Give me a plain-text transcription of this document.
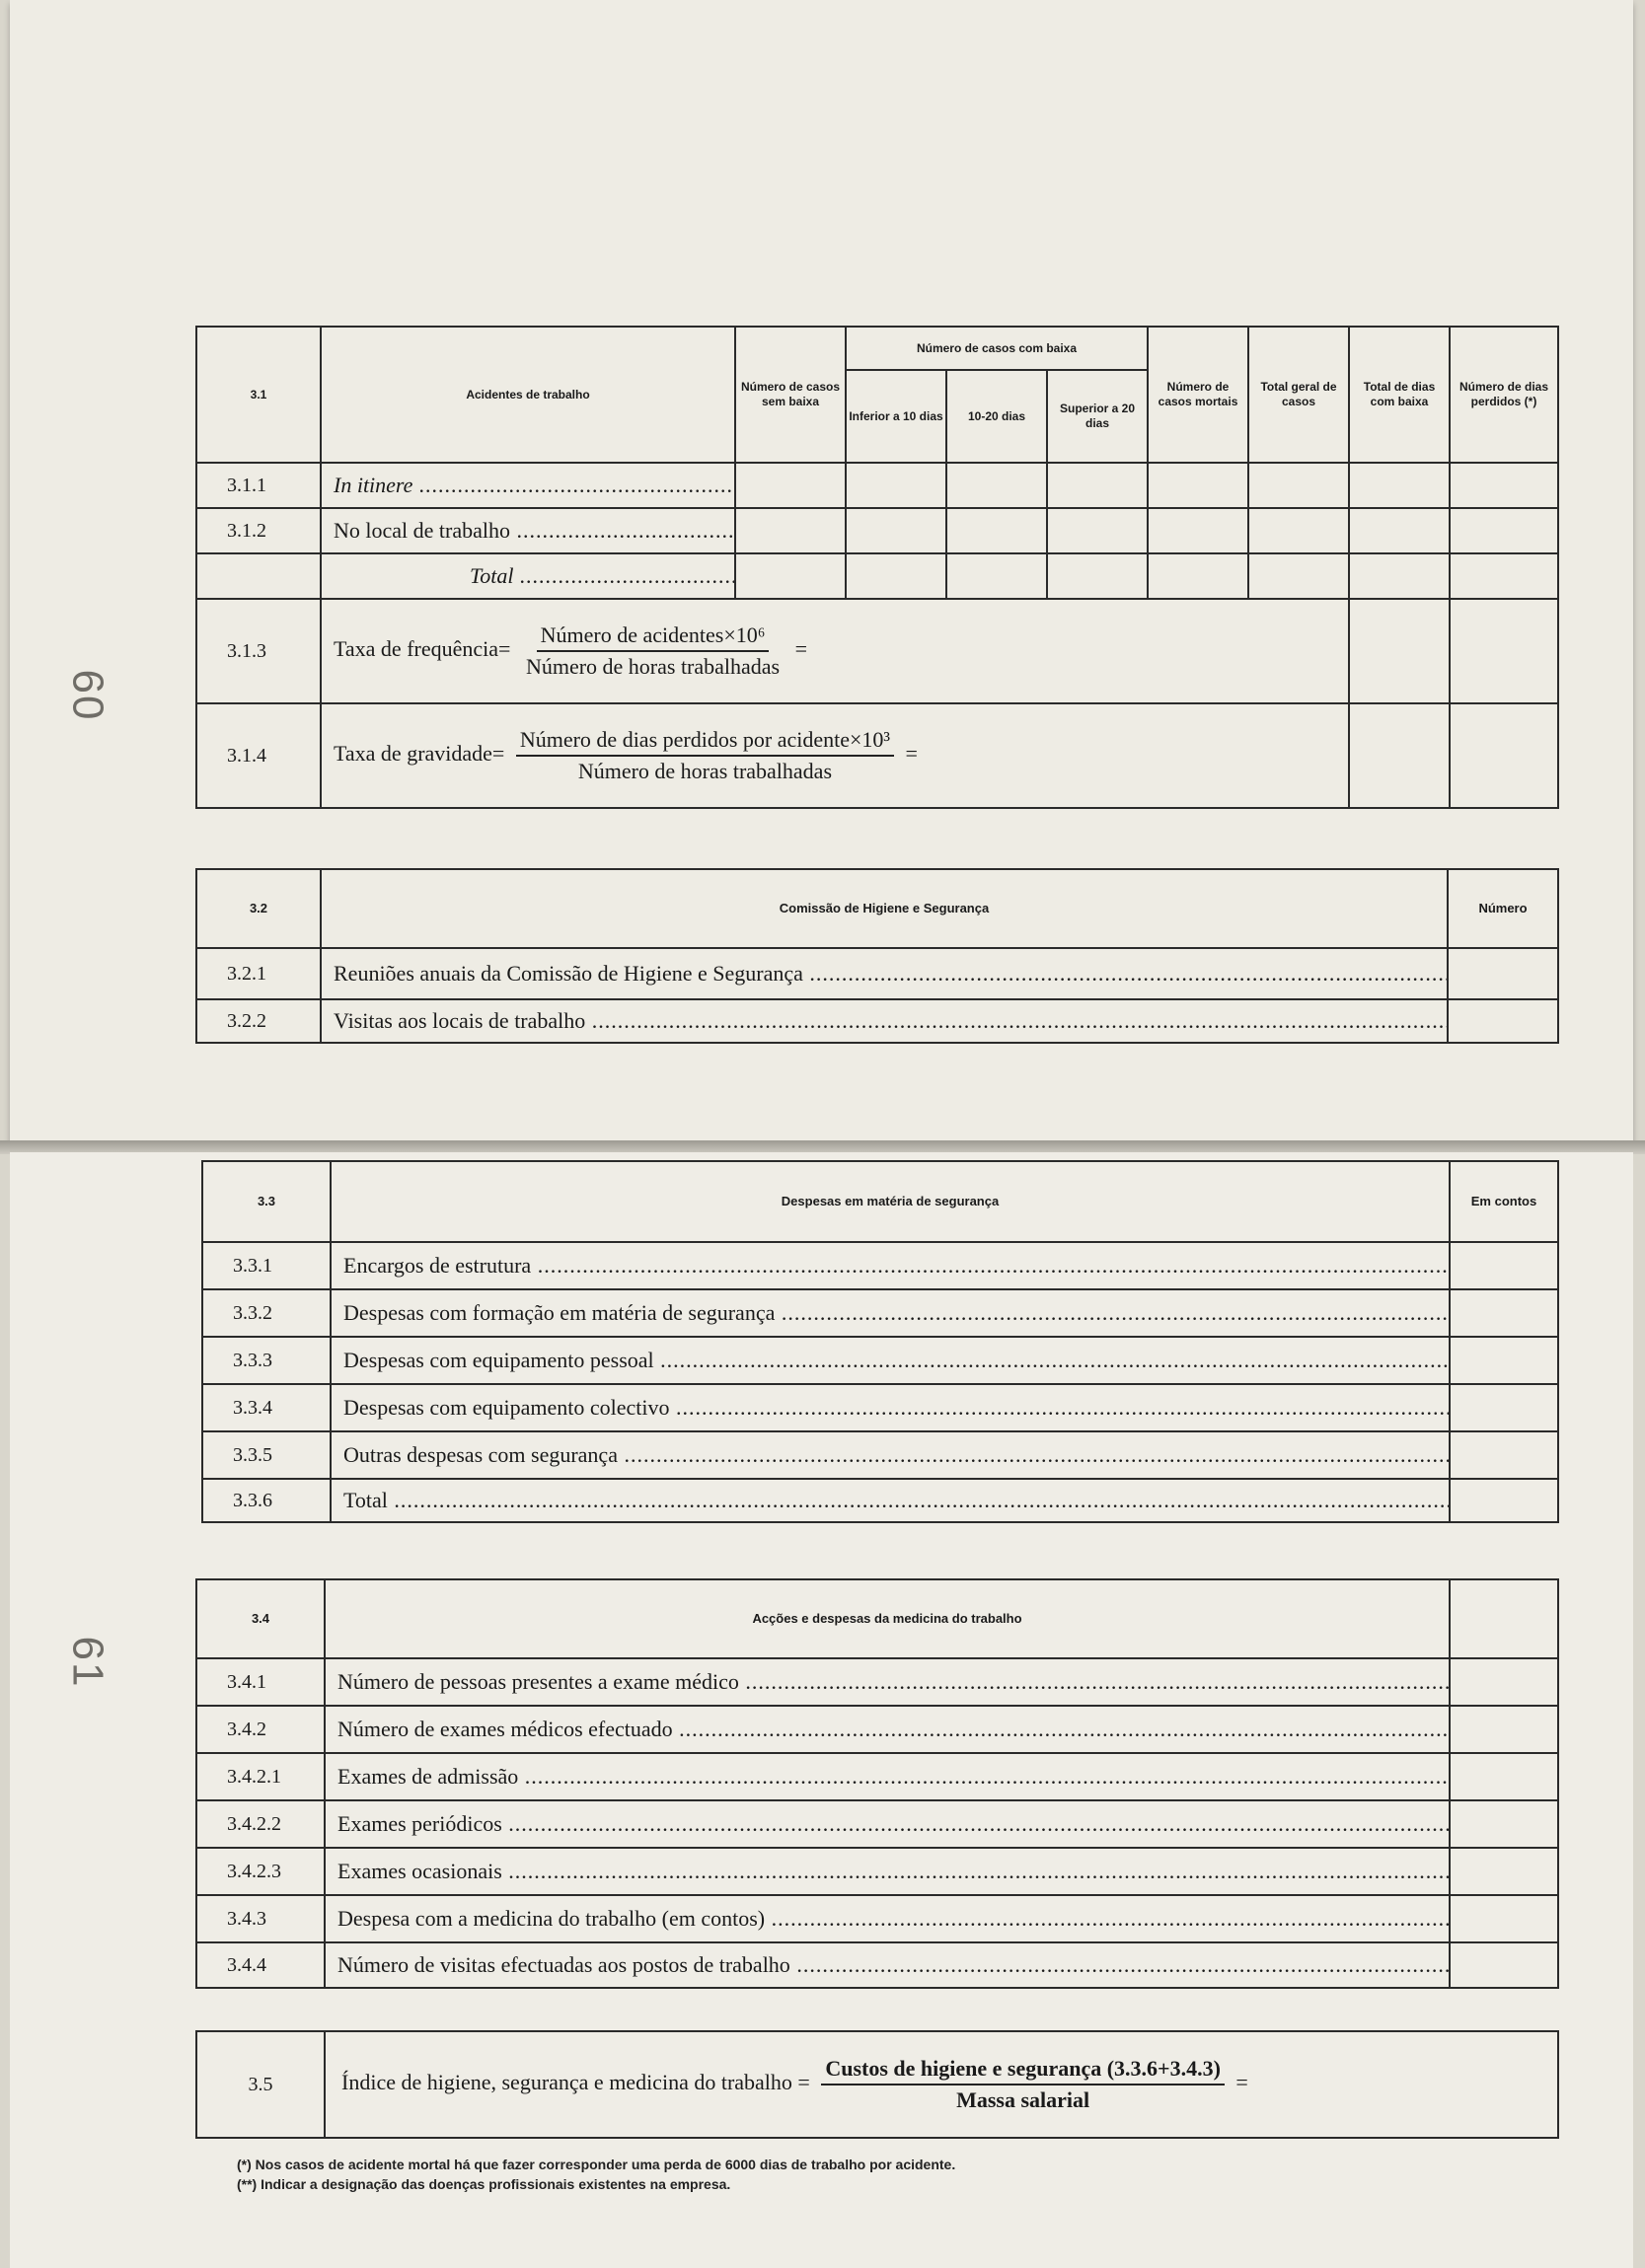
60
61
3.1	Acidentes de trabalho	Número de casos sem baixa	Número de casos com baixa			Número de casos mortais	Total geral de casos	Total de dias com baixa	Número de dias perdidos (*)
			Inferior a 10 dias	10-20 dias	Superior a 20 dias				
3.1.1	In itinere .....								
3.1.2	No local de trabalho .....								
	Total .....								
3.1.3	Taxa de frequência= $\frac{\text{Número de acidentes×10⁶}}{\text{Número de horas trabalhadas}}$ =								
3.1.4	Taxa de gravidade= $\frac{\text{Número de dias perdidos por acidente×10³}}{\text{Número de horas trabalhadas}}$ =								
3.2	Comissão de Higiene e Segurança	Número
3.2.1	Reuniões anuais da Comissão de Higiene e Segurança .....	
3.2.2	Visitas aos locais de trabalho .....	
3.3	Despesas em matéria de segurança	Em contos
3.3.1	Encargos de estrutura .....	
3.3.2	Despesas com formação em matéria de segurança .....	
3.3.3	Despesas com equipamento pessoal .....	
3.3.4	Despesas com equipamento colectivo .....	
3.3.5	Outras despesas com segurança .....	
3.3.6	Total .....	
3.4	Acções e despesas da medicina do trabalho	
3.4.1	Número de pessoas presentes a exame médico .....	
3.4.2	Número de exames médicos efectuado .....	
3.4.2.1	Exames de admissão .....	
3.4.2.2	Exames periódicos .....	
3.4.2.3	Exames ocasionais .....	
3.4.3	Despesa com a medicina do trabalho (em contos) .....	
3.4.4	Número de visitas efectuadas aos postos de trabalho .....	
3.5	Índice de higiene, segurança e medicina do trabalho = $\frac{\text{Custos de higiene e segurança (3.3.6+3.4.3)}}{\text{Massa salarial}}$ =
(*) Nos casos de acidente mortal há que fazer corresponder uma perda de 6000 dias de trabalho por acidente.
(**) Indicar a designação das doenças profissionais existentes na empresa.
